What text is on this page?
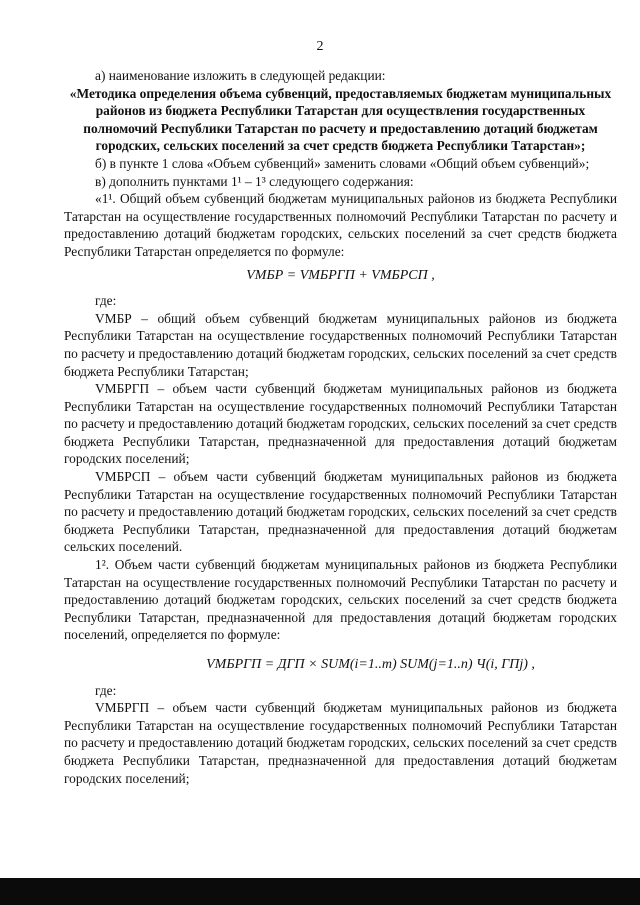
2

а) наименование изложить в следующей редакции:

«Методика определения объема субвенций, предоставляемых бюджетам муниципальных районов из бюджета Республики Татарстан для осуществления государственных полномочий Республики Татарстан по расчету и предоставлению дотаций бюджетам городских, сельских поселений за счет средств бюджета Республики Татарстан»;

б) в пункте 1 слова «Объем субвенций» заменить словами «Общий объем субвенций»;

в) дополнить пунктами 1¹ – 1³ следующего содержания:

«1¹. Общий объем субвенций бюджетам муниципальных районов из бюджета Республики Татарстан на осуществление государственных полномочий Республики Татарстан по расчету и предоставлению дотаций бюджетам городских, сельских поселений за счет средств бюджета Республики Татарстан определяется по формуле:

VМБР = VМБРГП + VМБРСП ,

где:

VМБР – общий объем субвенций бюджетам муниципальных районов из бюджета Республики Татарстан на осуществление государственных полномочий Республики Татарстан по расчету и предоставлению дотаций бюджетам городских, сельских поселений за счет средств бюджета Республики Татарстан;

VМБРГП – объем части субвенций бюджетам муниципальных районов из бюджета Республики Татарстан на осуществление государственных полномочий Республики Татарстан по расчету и предоставлению дотаций бюджетам городских, сельских поселений за счет средств бюджета Республики Татарстан, предназначенной для предоставления дотаций бюджетам городских поселений;

VМБРСП – объем части субвенций бюджетам муниципальных районов из бюджета Республики Татарстан на осуществление государственных полномочий Республики Татарстан по расчету и предоставлению дотаций бюджетам городских, сельских поселений за счет средств бюджета Республики Татарстан, предназначенной для предоставления дотаций бюджетам сельских поселений.

1². Объем части субвенций бюджетам муниципальных районов из бюджета Республики Татарстан на осуществление государственных полномочий Республики Татарстан по расчету и предоставлению дотаций бюджетам городских, сельских поселений за счет средств бюджета Республики Татарстан, предназначенной для предоставления дотаций бюджетам городских поселений, определяется по формуле:

VМБРГП = ДГП × SUM(i=1..m) SUM(j=1..n) Ч(i, ГПj) ,

где:

VМБРГП – объем части субвенций бюджетам муниципальных районов из бюджета Республики Татарстан на осуществление государственных полномочий Республики Татарстан по расчету и предоставлению дотаций бюджетам городских, сельских поселений за счет средств бюджета Республики Татарстан, предназначенной для предоставления дотаций бюджетам городских поселений;
